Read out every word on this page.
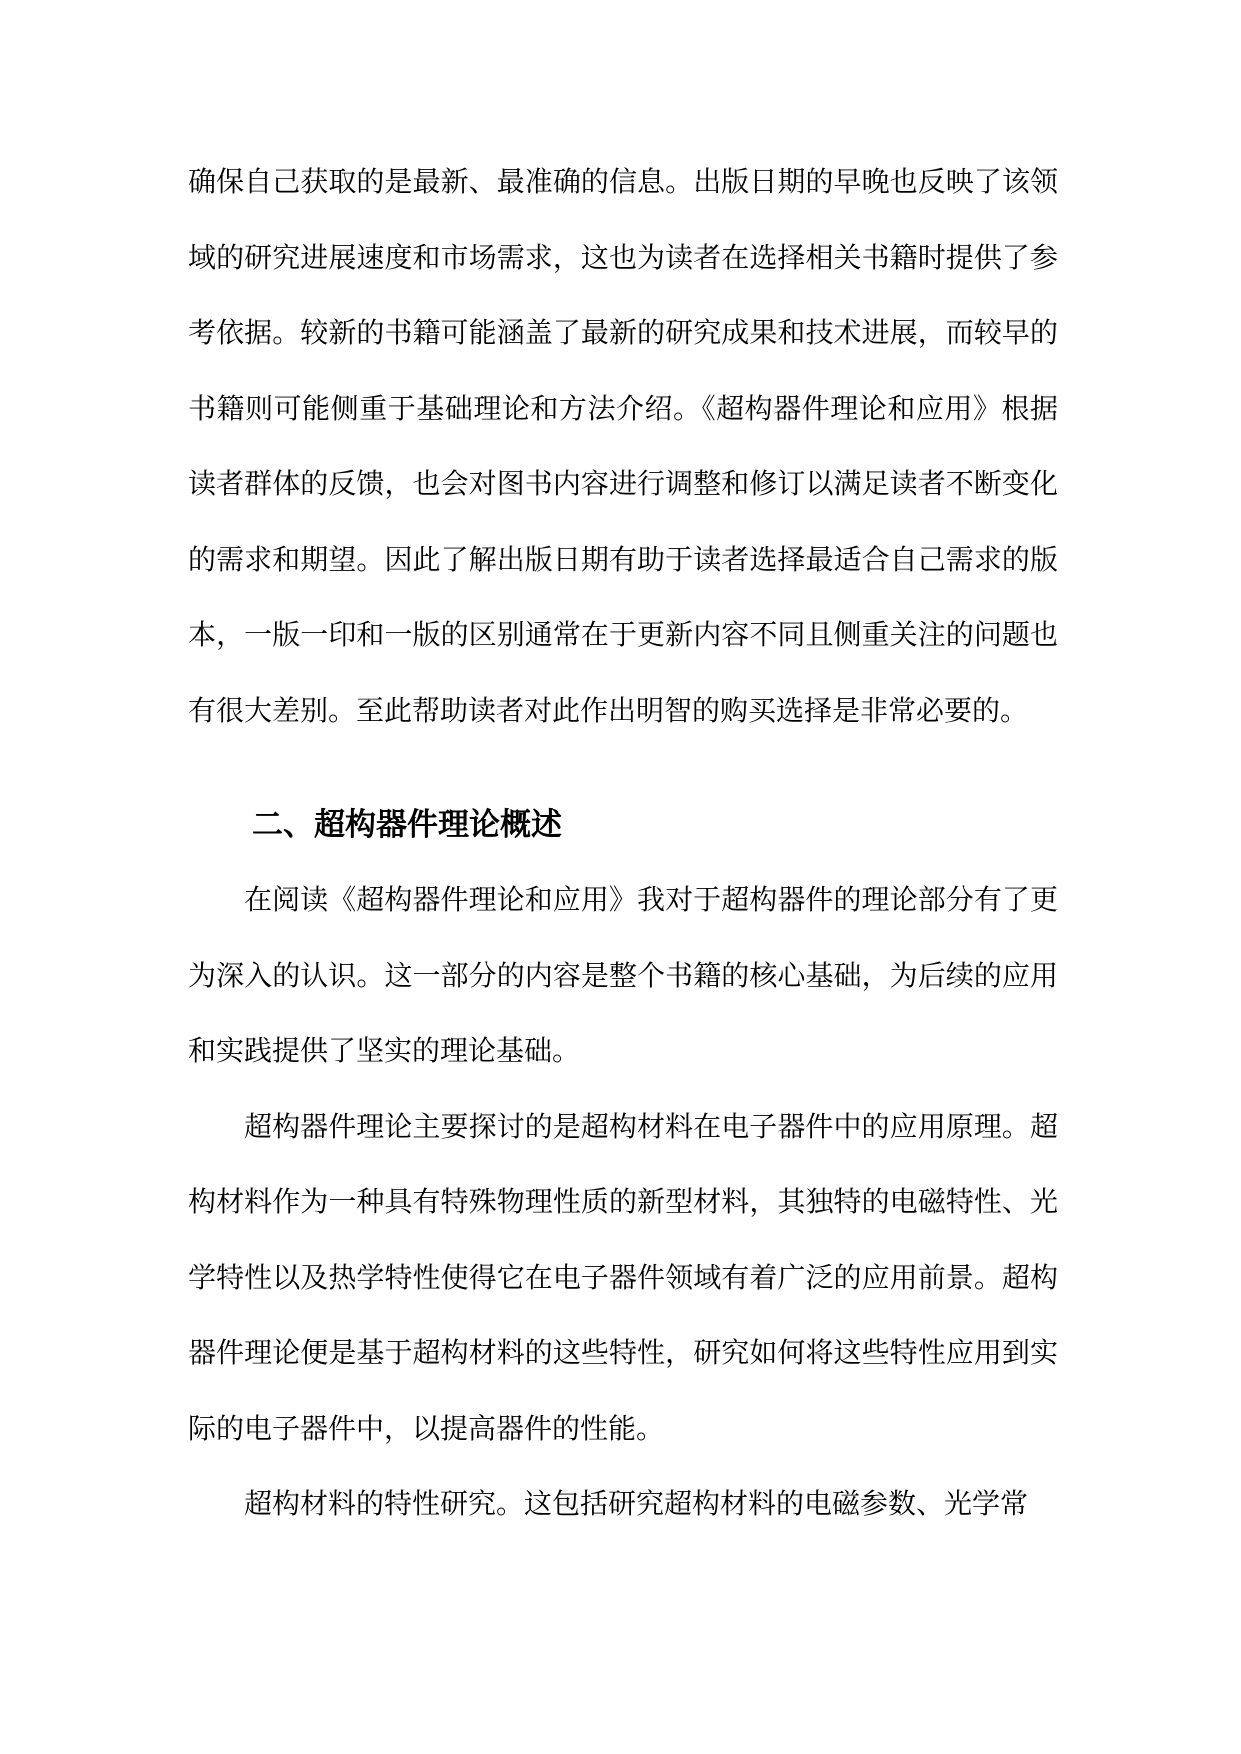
确保自己获取的是最新、最准确的信息。出版日期的早晚也反映了该领域的研究进展速度和市场需求，这也为读者在选择相关书籍时提供了参考依据。较新的书籍可能涵盖了最新的研究成果和技术进展，而较早的书籍则可能侧重于基础理论和方法介绍。《超构器件理论和应用》根据读者群体的反馈，也会对图书内容进行调整和修订以满足读者不断变化的需求和期望。因此了解出版日期有助于读者选择最适合自己需求的版本，一版一印和一版的区别通常在于更新内容不同且侧重关注的问题也有很大差别。至此帮助读者对此作出明智的购买选择是非常必要的。

二、超构器件理论概述

在阅读《超构器件理论和应用》我对于超构器件的理论部分有了更为深入的认识。这一部分的内容是整个书籍的核心基础，为后续的应用和实践提供了坚实的理论基础。

超构器件理论主要探讨的是超构材料在电子器件中的应用原理。超构材料作为一种具有特殊物理性质的新型材料，其独特的电磁特性、光学特性以及热学特性使得它在电子器件领域有着广泛的应用前景。超构器件理论便是基于超构材料的这些特性，研究如何将这些特性应用到实际的电子器件中，以提高器件的性能。

超构材料的特性研究。这包括研究超构材料的电磁参数、光学常
